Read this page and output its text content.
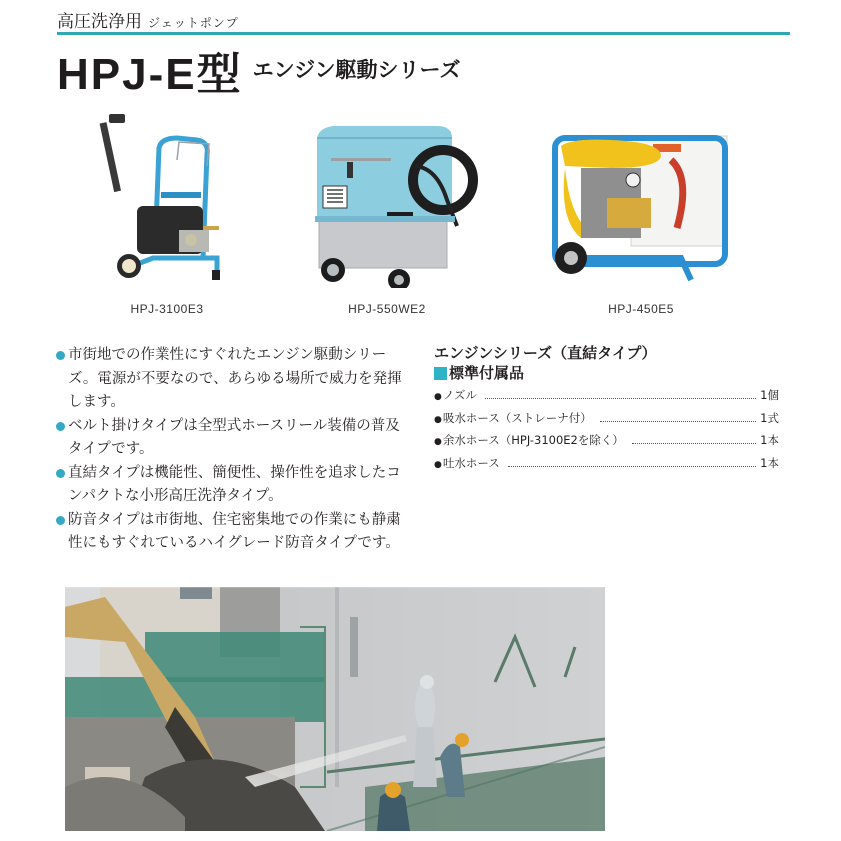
高圧洗浄用 ジェットポンプ
HPJ-E型 エンジン駆動シリーズ
HPJ-3100E3	HPJ-550WE2	HPJ-450E5
市街地での作業性にすぐれたエンジン駆動シリーズ。電源が不要なので、あらゆる場所で威力を発揮します。
ベルト掛けタイプは全型式ホースリール装備の普及タイプです。
直結タイプは機能性、簡便性、操作性を追求したコンパクトな小形高圧洗浄タイプ。
防音タイプは市街地、住宅密集地での作業にも静粛性にもすぐれているハイグレード防音タイプです。
エンジンシリーズ（直結タイプ）
標準付属品
● ノズル	1個
● 吸水ホース（ストレーナ付）	1式
● 余水ホース（HPJ-3100E2を除く）	1本
● 吐水ホース	1本
